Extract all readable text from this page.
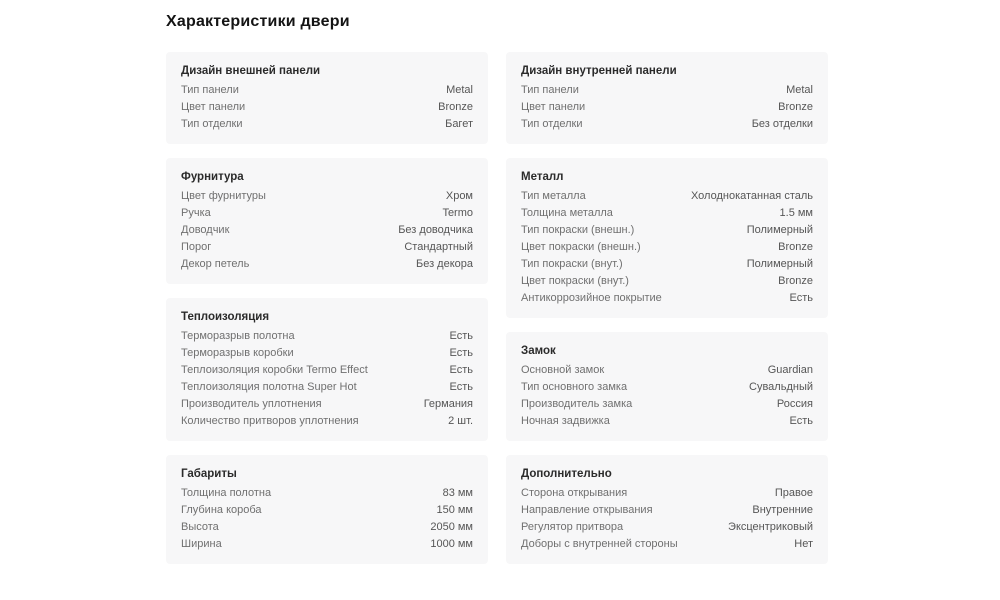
Характеристики двери
Дизайн внешней панели
Тип панели	Metal
Цвет панели	Bronze
Тип отделки	Багет
Фурнитура
Цвет фурнитуры	Хром
Ручка	Termo
Доводчик	Без доводчика
Порог	Стандартный
Декор петель	Без декора
Теплоизоляция
Терморазрыв полотна	Есть
Терморазрыв коробки	Есть
Теплоизоляция коробки Termo Effect	Есть
Теплоизоляция полотна Super Hot	Есть
Производитель уплотнения	Германия
Количество притворов уплотнения	2 шт.
Габариты
Толщина полотна	83 мм
Глубина короба	150 мм
Высота	2050 мм
Ширина	1000 мм
Дизайн внутренней панели
Тип панели	Metal
Цвет панели	Bronze
Тип отделки	Без отделки
Металл
Тип металла	Холоднокатанная сталь
Толщина металла	1.5 мм
Тип покраски (внешн.)	Полимерный
Цвет покраски (внешн.)	Bronze
Тип покраски (внут.)	Полимерный
Цвет покраски (внут.)	Bronze
Антикоррозийное покрытие	Есть
Замок
Основной замок	Guardian
Тип основного замка	Сувальдный
Производитель замка	Россия
Ночная задвижка	Есть
Дополнительно
Сторона открывания	Правое
Направление открывания	Внутренние
Регулятор притвора	Эксцентриковый
Доборы с внутренней стороны	Нет
